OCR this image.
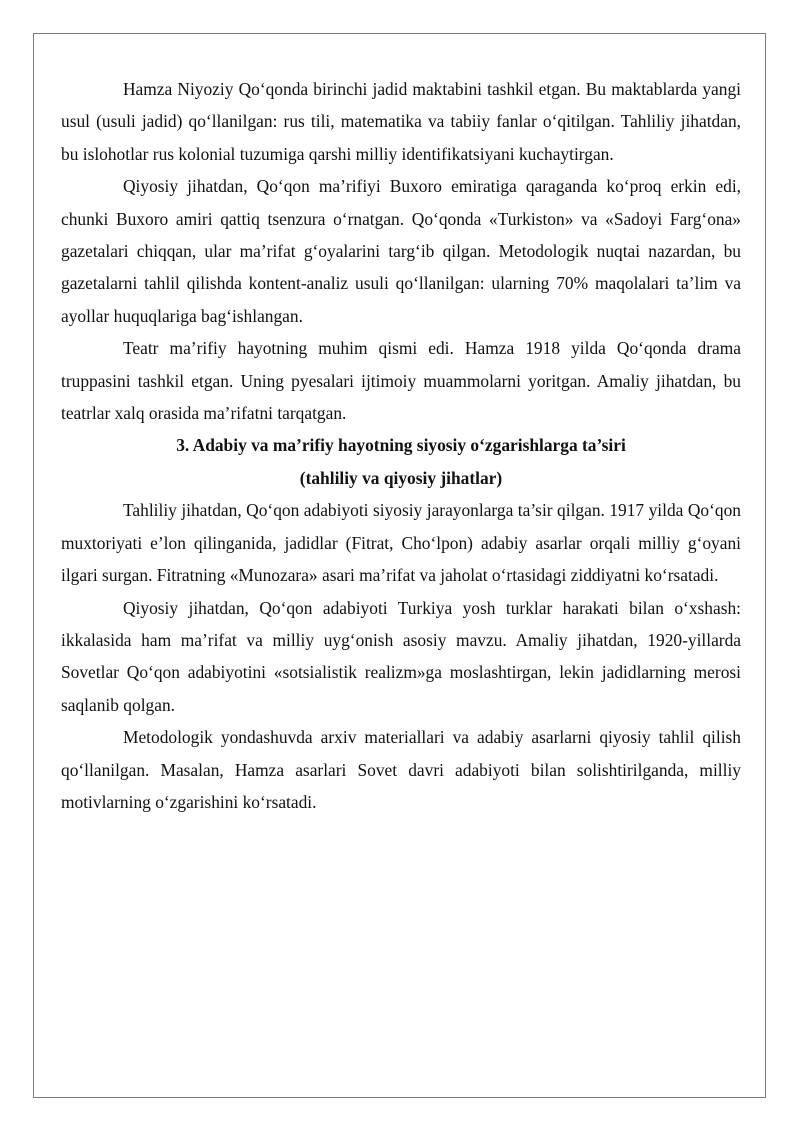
Hamza Niyoziy Qo‘qonda birinchi jadid maktabini tashkil etgan. Bu maktablarda yangi usul (usuli jadid) qo‘llanilgan: rus tili, matematika va tabiiy fanlar o‘qitilgan. Tahliliy jihatdan, bu islohotlar rus kolonial tuzumiga qarshi milliy identifikatsiyani kuchaytirgan.

Qiyosiy jihatdan, Qo‘qon ma’rifiyi Buxoro emiratiga qaraganda ko‘proq erkin edi, chunki Buxoro amiri qattiq tsenzura o‘rnatgan. Qo‘qonda «Turkiston» va «Sadoyi Farg‘ona» gazetalari chiqqan, ular ma’rifat g‘oyalarini targ‘ib qilgan. Metodologik nuqtai nazardan, bu gazetalarni tahlil qilishda kontent-analiz usuli qo‘llanilgan: ularning 70% maqolalari ta’lim va ayollar huquqlariga bag‘ishlangan.

Teatr ma’rifiy hayotning muhim qismi edi. Hamza 1918 yilda Qo‘qonda drama truppasini tashkil etgan. Uning pyesalari ijtimoiy muammolarni yoritgan. Amaliy jihatdan, bu teatrlar xalq orasida ma’rifatni tarqatgan.

3. Adabiy va ma’rifiy hayotning siyosiy o‘zgarishlarga ta’siri
(tahliliy va qiyosiy jihatlar)

Tahliliy jihatdan, Qo‘qon adabiyoti siyosiy jarayonlarga ta’sir qilgan. 1917 yilda Qo‘qon muxtoriyati e’lon qilinganida, jadidlar (Fitrat, Cho‘lpon) adabiy asarlar orqali milliy g‘oyani ilgari surgan. Fitratning «Munozara» asari ma’rifat va jaholat o‘rtasidagi ziddiyatni ko‘rsatadi.

Qiyosiy jihatdan, Qo‘qon adabiyoti Turkiya yosh turklar harakati bilan o‘xshash: ikkalasida ham ma’rifat va milliy uyg‘onish asosiy mavzu. Amaliy jihatdan, 1920-yillarda Sovetlar Qo‘qon adabiyotini «sotsialistik realizm»ga moslashtirgan, lekin jadidlarning merosi saqlanib qolgan.

Metodologik yondashuvda arxiv materiallari va adabiy asarlarni qiyosiy tahlil qilish qo‘llanilgan. Masalan, Hamza asarlari Sovet davri adabiyoti bilan solishtirilganda, milliy motivlarning o‘zgarishini ko‘rsatadi.
